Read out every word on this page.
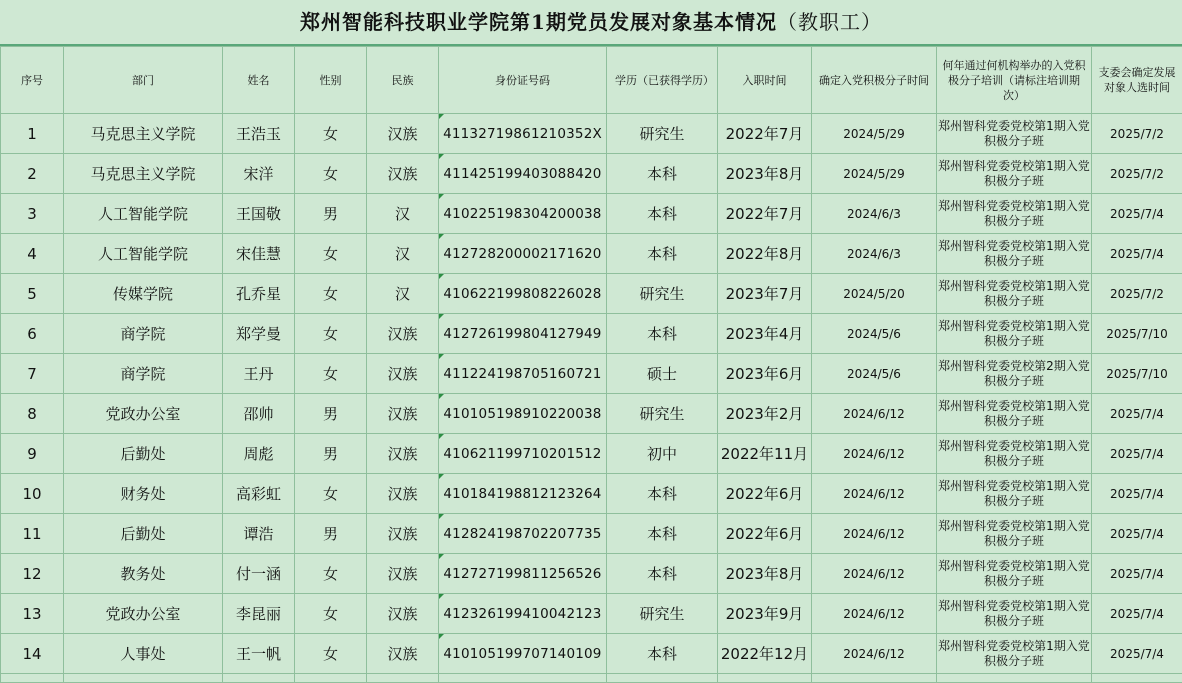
郑州智能科技职业学院第1期党员发展对象基本情况（教职工）
序号	部门	姓名	性别	民族	身份证号码	学历（已获得学历）	入职时间	确定入党积极分子时间	何年通过何机构举办的入党积极分子培训（请标注培训期次）	支委会确定发展对象人选时间
1	马克思主义学院	王浩玉	女	汉族	41132719861210352X	研究生	2022年7月	2024/5/29	郑州智科党委党校第1期入党积极分子班	2025/7/2
2	马克思主义学院	宋洋	女	汉族	411425199403088420	本科	2023年8月	2024/5/29	郑州智科党委党校第1期入党积极分子班	2025/7/2
3	人工智能学院	王国敬	男	汉	410225198304200038	本科	2022年7月	2024/6/3	郑州智科党委党校第1期入党积极分子班	2025/7/4
4	人工智能学院	宋佳慧	女	汉	412728200002171620	本科	2022年8月	2024/6/3	郑州智科党委党校第1期入党积极分子班	2025/7/4
5	传媒学院	孔乔星	女	汉	410622199808226028	研究生	2023年7月	2024/5/20	郑州智科党委党校第1期入党积极分子班	2025/7/2
6	商学院	郑学曼	女	汉族	412726199804127949	本科	2023年4月	2024/5/6	郑州智科党委党校第1期入党积极分子班	2025/7/10
7	商学院	王丹	女	汉族	411224198705160721	硕士	2023年6月	2024/5/6	郑州智科党委党校第2期入党积极分子班	2025/7/10
8	党政办公室	邵帅	男	汉族	410105198910220038	研究生	2023年2月	2024/6/12	郑州智科党委党校第1期入党积极分子班	2025/7/4
9	后勤处	周彪	男	汉族	410621199710201512	初中	2022年11月	2024/6/12	郑州智科党委党校第1期入党积极分子班	2025/7/4
10	财务处	高彩虹	女	汉族	410184198812123264	本科	2022年6月	2024/6/12	郑州智科党委党校第1期入党积极分子班	2025/7/4
11	后勤处	谭浩	男	汉族	412824198702207735	本科	2022年6月	2024/6/12	郑州智科党委党校第1期入党积极分子班	2025/7/4
12	教务处	付一涵	女	汉族	412727199811256526	本科	2023年8月	2024/6/12	郑州智科党委党校第1期入党积极分子班	2025/7/4
13	党政办公室	李昆丽	女	汉族	412326199410042123	研究生	2023年9月	2024/6/12	郑州智科党委党校第1期入党积极分子班	2025/7/4
14	人事处	王一帆	女	汉族	410105199707140109	本科	2022年12月	2024/6/12	郑州智科党委党校第1期入党积极分子班	2025/7/4
